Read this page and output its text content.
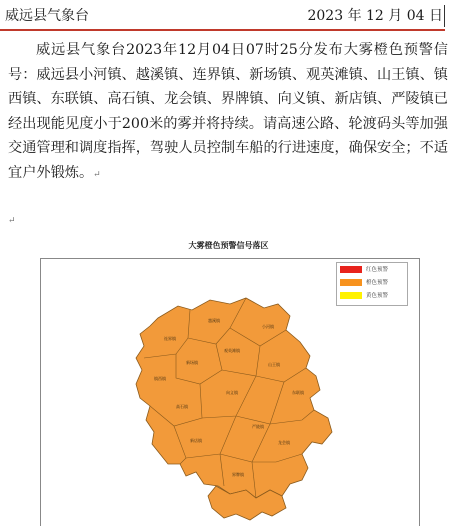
威远县气象台	2023 年 12 月 04 日

威远县气象台2023年12月04日07时25分发布大雾橙色预警信号：威远县小河镇、越溪镇、连界镇、新场镇、观英滩镇、山王镇、镇西镇、东联镇、高石镇、龙会镇、界牌镇、向义镇、新店镇、严陵镇已经出现能见度小于200米的雾并将持续。请高速公路、轮渡码头等加强交通管理和调度指挥，驾驶人员控制车船的行进速度，确保安全；不适宜户外锻炼。↵

↵
大雾橙色预警信号落区
连界镇
越溪镇
镇西镇
新场镇
观英滩镇
小河镇
山王镇
东联镇
严陵镇
高石镇
向义镇
新店镇	龙会镇
界牌镇
红色预警
橙色预警
黄色预警
